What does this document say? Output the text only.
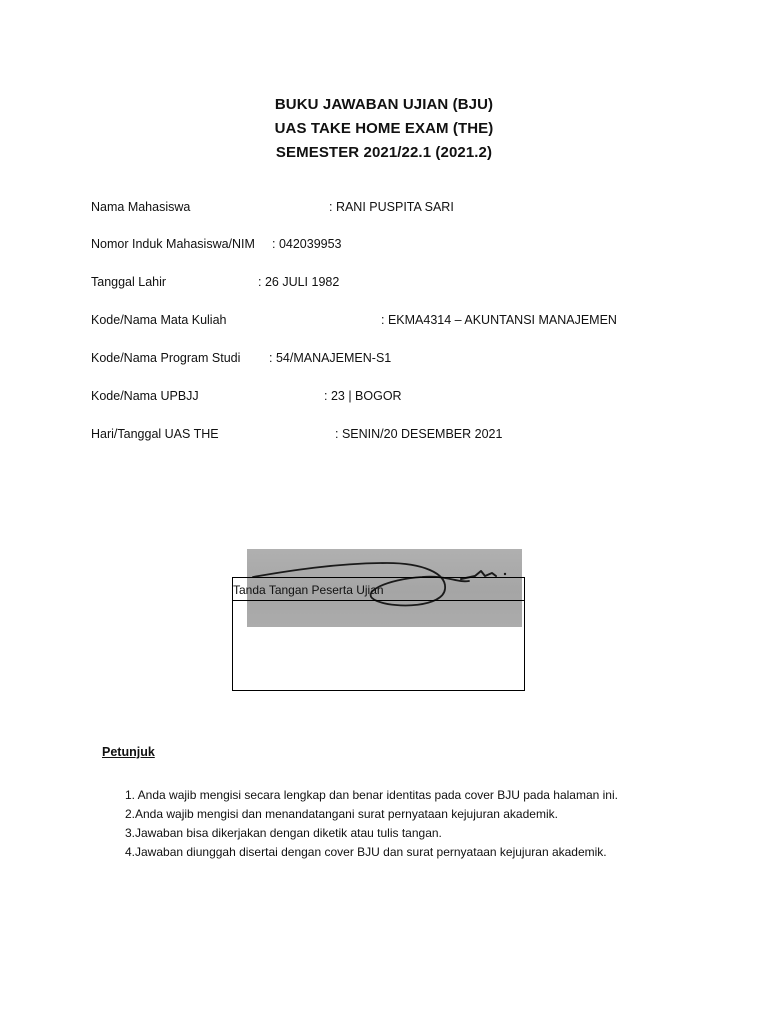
BUKU JAWABAN UJIAN (BJU)
UAS TAKE HOME EXAM (THE)
SEMESTER 2021/22.1 (2021.2)
Nama Mahasiswa	: RANI PUSPITA SARI
Nomor Induk Mahasiswa/NIM : 042039953
Tanggal Lahir	: 26 JULI 1982
Kode/Nama Mata Kuliah	: EKMA4314 – AKUNTANSI MANAJEMEN
Kode/Nama Program Studi : 54/MANAJEMEN-S1
Kode/Nama UPBJJ	: 23 | BOGOR
Hari/Tanggal UAS THE	: SENIN/20 DESEMBER 2021
Tanda Tangan Peserta Ujian
Petunjuk
1. Anda wajib mengisi secara lengkap dan benar identitas pada cover BJU pada halaman ini.
2.Anda wajib mengisi dan menandatangani surat pernyataan kejujuran akademik.
3.Jawaban bisa dikerjakan dengan diketik atau tulis tangan.
4.Jawaban diunggah disertai dengan cover BJU dan surat pernyataan kejujuran akademik.
